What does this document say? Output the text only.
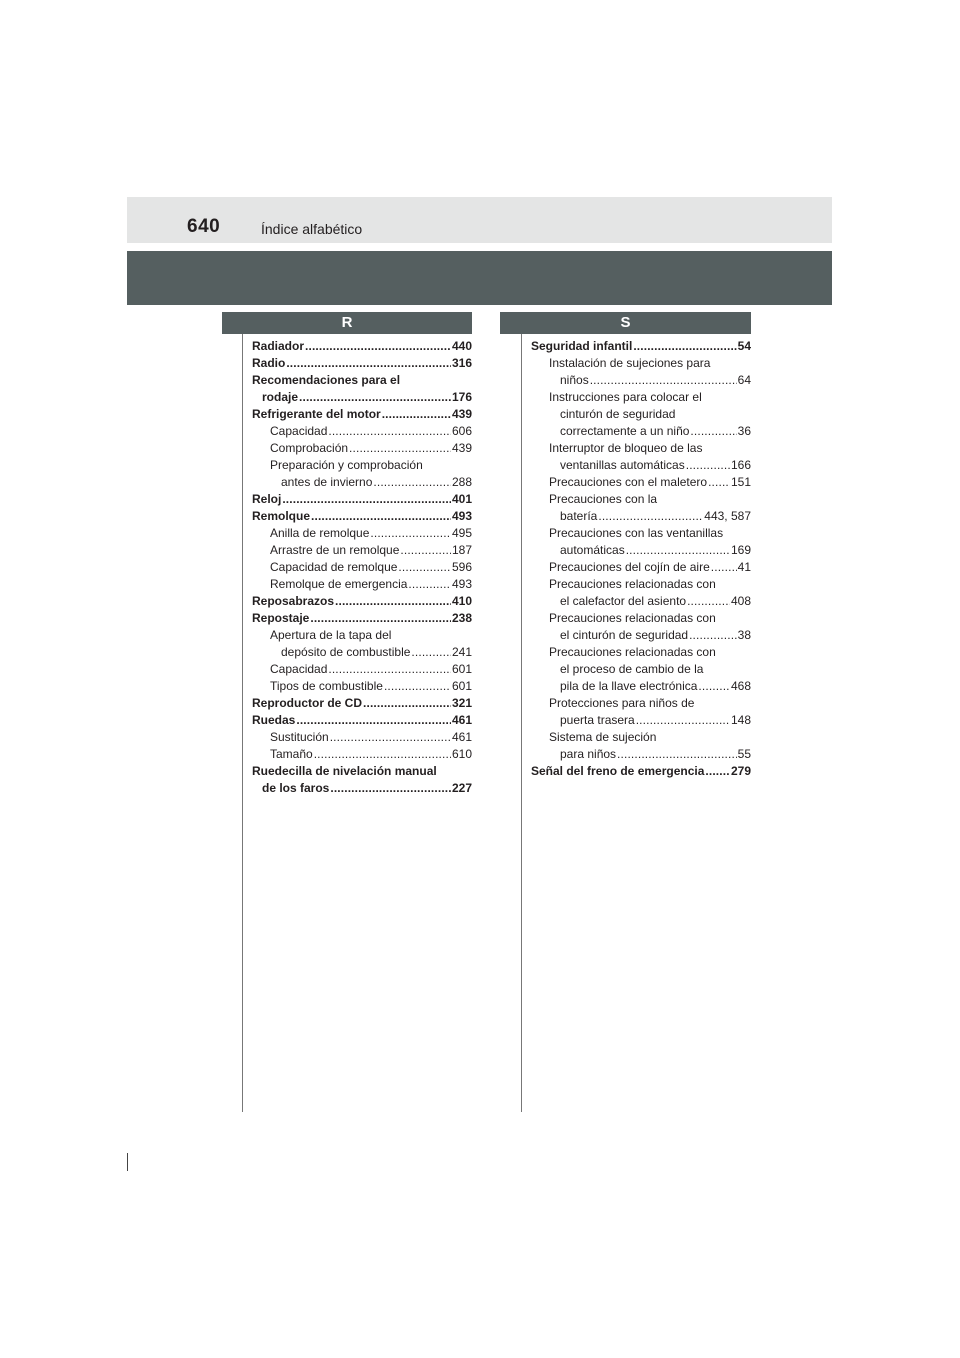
640	Índice alfabético
R	S
Radiador . . .	440
Radio . . .	316
Recomendaciones para el
rodaje . . .	176
Refrigerante del motor . . .	439
Capacidad . . .	606
Comprobación . . .	439
Preparación y comprobación
antes de invierno . . .	288
Reloj . . .	401
Remolque . . .	493
Anilla de remolque . . .	495
Arrastre de un remolque . . .	187
Capacidad de remolque . . .	596
Remolque de emergencia . . .	493
Reposabrazos . . .	410
Repostaje . . .	238
Apertura de la tapa del
depósito de combustible . . .	241
Capacidad . . .	601
Tipos de combustible . . .	601
Reproductor de CD . . .	321
Ruedas . . .	461
Sustitución . . .	461
Tamaño . . .	610
Ruedecilla de nivelación manual
de los faros . . .	227
Seguridad infantil . . .	54
Instalación de sujeciones para
niños . . .	64
Instrucciones para colocar el
cinturón de seguridad
correctamente a un niño . . .	36
Interruptor de bloqueo de las
ventanillas automáticas . . .	166
Precauciones con el maletero . . . 151
Precauciones con la
batería . . .	443, 587
Precauciones con las ventanillas
automáticas . . .	169
Precauciones del cojín de aire . . . 41
Precauciones relacionadas con
el calefactor del asiento . . .	408
Precauciones relacionadas con
el cinturón de seguridad . . .	38
Precauciones relacionadas con
el proceso de cambio de la
pila de la llave electrónica . . .	468
Protecciones para niños de
puerta trasera . . .	148
Sistema de sujeción
para niños . . .	55
Señal del freno de emergencia . . . 279
